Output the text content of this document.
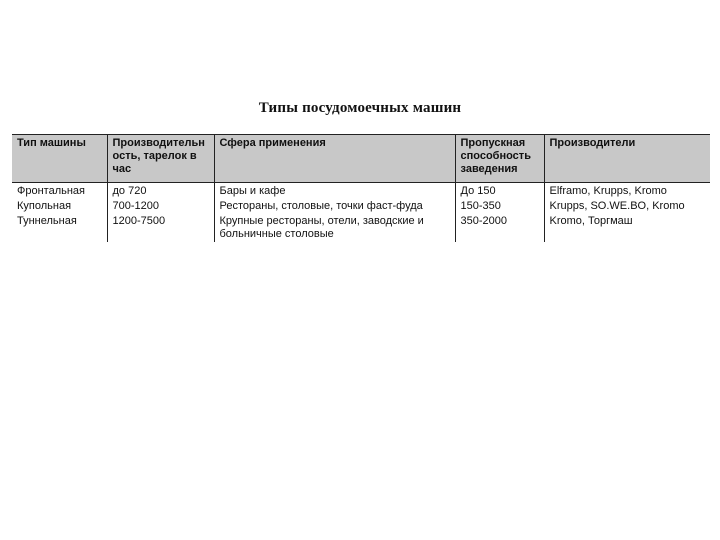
Типы посудомоечных машин
Тип машины	Производительность, тарелок в час	Сфера применения	Пропускная способность заведения	Производители
Фронтальная	до 720	Бары и кафе	До 150	Elframo, Krupps, Kromo
Купольная	700-1200	Рестораны, столовые, точки фаст-фуда	150-350	Krupps, SO.WE.BO, Kromo
Туннельная	1200-7500	Крупные рестораны, отели, заводские и больничные столовые	350-2000	Kromo, Торгмаш
